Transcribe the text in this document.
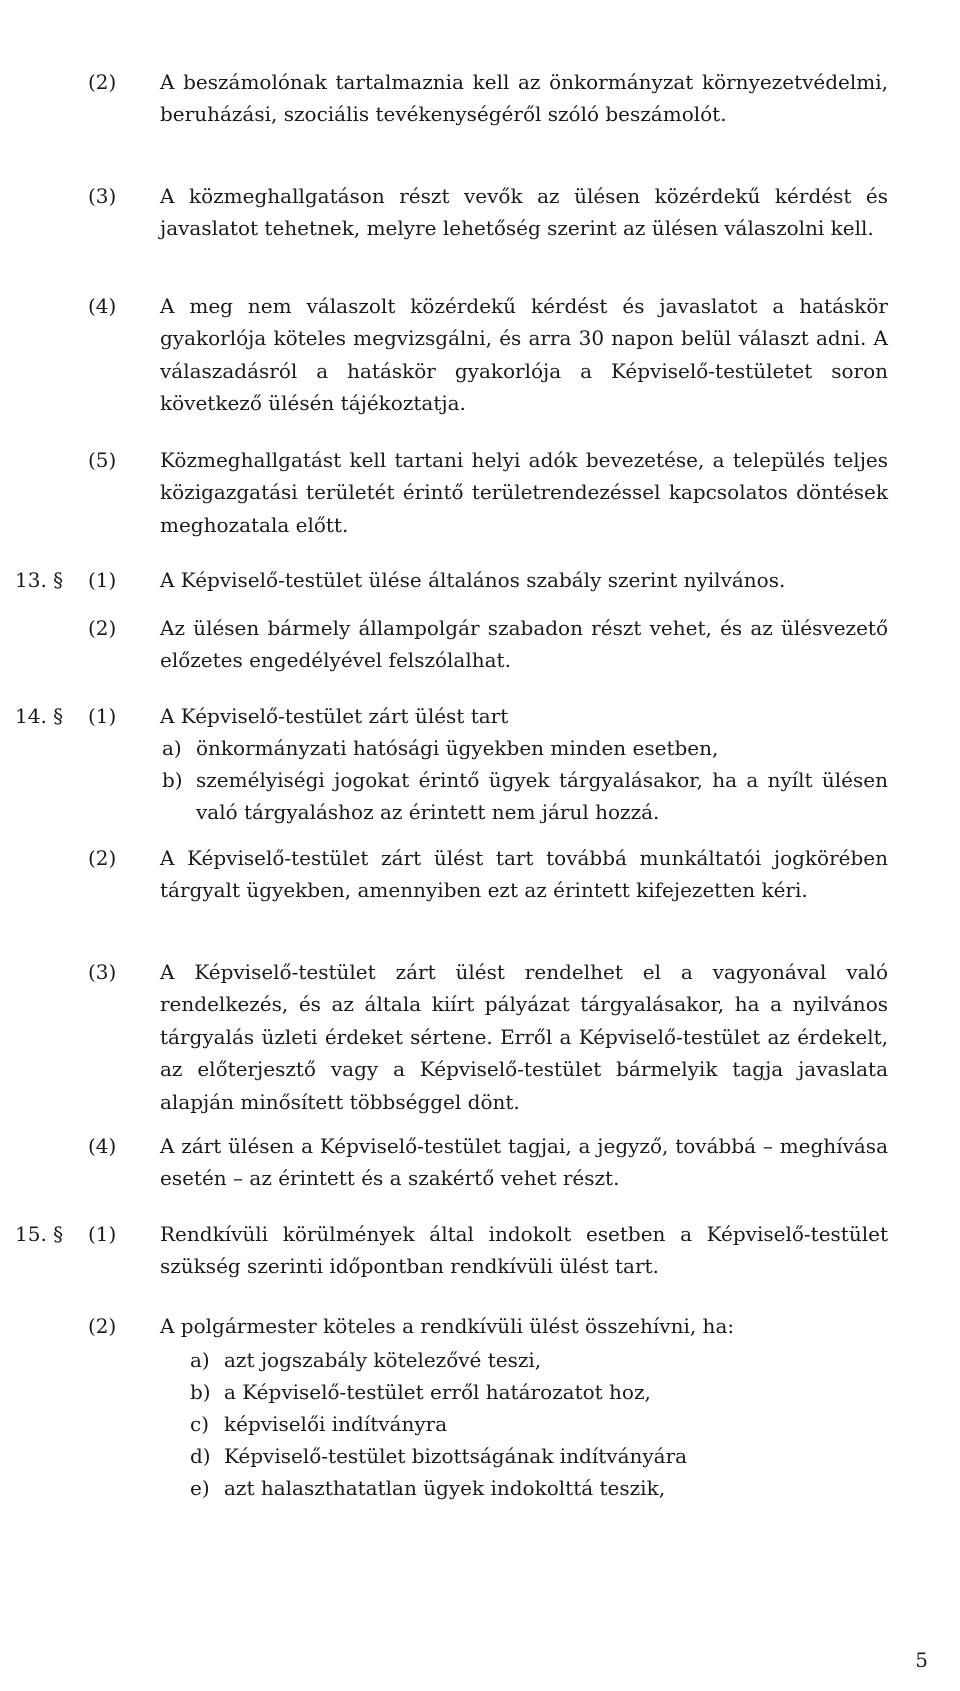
(2) A beszámolónak tartalmaznia kell az önkormányzat környezetvédelmi, beruházási, szociális tevékenységéről szóló beszámolót.
(3) A közmeghallgatáson részt vevők az ülésen közérdekű kérdést és javaslatot tehetnek, melyre lehetőség szerint az ülésen válaszolni kell.
(4) A meg nem válaszolt közérdekű kérdést és javaslatot a hatáskör gyakorlója köteles megvizsgálni, és arra 30 napon belül választ adni. A válaszadásról a hatáskör gyakorlója a Képviselő-testületet soron következő ülésén tájékoztatja.
(5) Közmeghallgatást kell tartani helyi adók bevezetése, a település teljes közigazgatási területét érintő területrendezéssel kapcsolatos döntések meghozatala előtt.
13. § (1) A Képviselő-testület ülése általános szabály szerint nyilvános.
(2) Az ülésen bármely állampolgár szabadon részt vehet, és az ülésvezető előzetes engedélyével felszólalhat.
14. § (1) A Képviselő-testület zárt ülést tart
a) önkormányzati hatósági ügyekben minden esetben,
b) személyiségi jogokat érintő ügyek tárgyalásakor, ha a nyílt ülésen való tárgyaláshoz az érintett nem járul hozzá.
(2) A Képviselő-testület zárt ülést tart továbbá munkáltatói jogkörében tárgyalt ügyekben, amennyiben ezt az érintett kifejezetten kéri.
(3) A Képviselő-testület zárt ülést rendelhet el a vagyonával való rendelkezés, és az általa kiírt pályázat tárgyalásakor, ha a nyilvános tárgyalás üzleti érdeket sértene. Erről a Képviselő-testület az érdekelt, az előterjesztő vagy a Képviselő-testület bármelyik tagja javaslata alapján minősített többséggel dönt.
(4) A zárt ülésen a Képviselő-testület tagjai, a jegyző, továbbá – meghívása esetén – az érintett és a szakértő vehet részt.
15. § (1) Rendkívüli körülmények által indokolt esetben a Képviselő-testület szükség szerinti időpontban rendkívüli ülést tart.
(2) A polgármester köteles a rendkívüli ülést összehívni, ha:
a) azt jogszabály kötelezővé teszi,
b) a Képviselő-testület erről határozatot hoz,
c) képviselői indítványra
d) Képviselő-testület bizottságának indítványára
e) azt halaszthatatlan ügyek indokolttá teszik,
5
